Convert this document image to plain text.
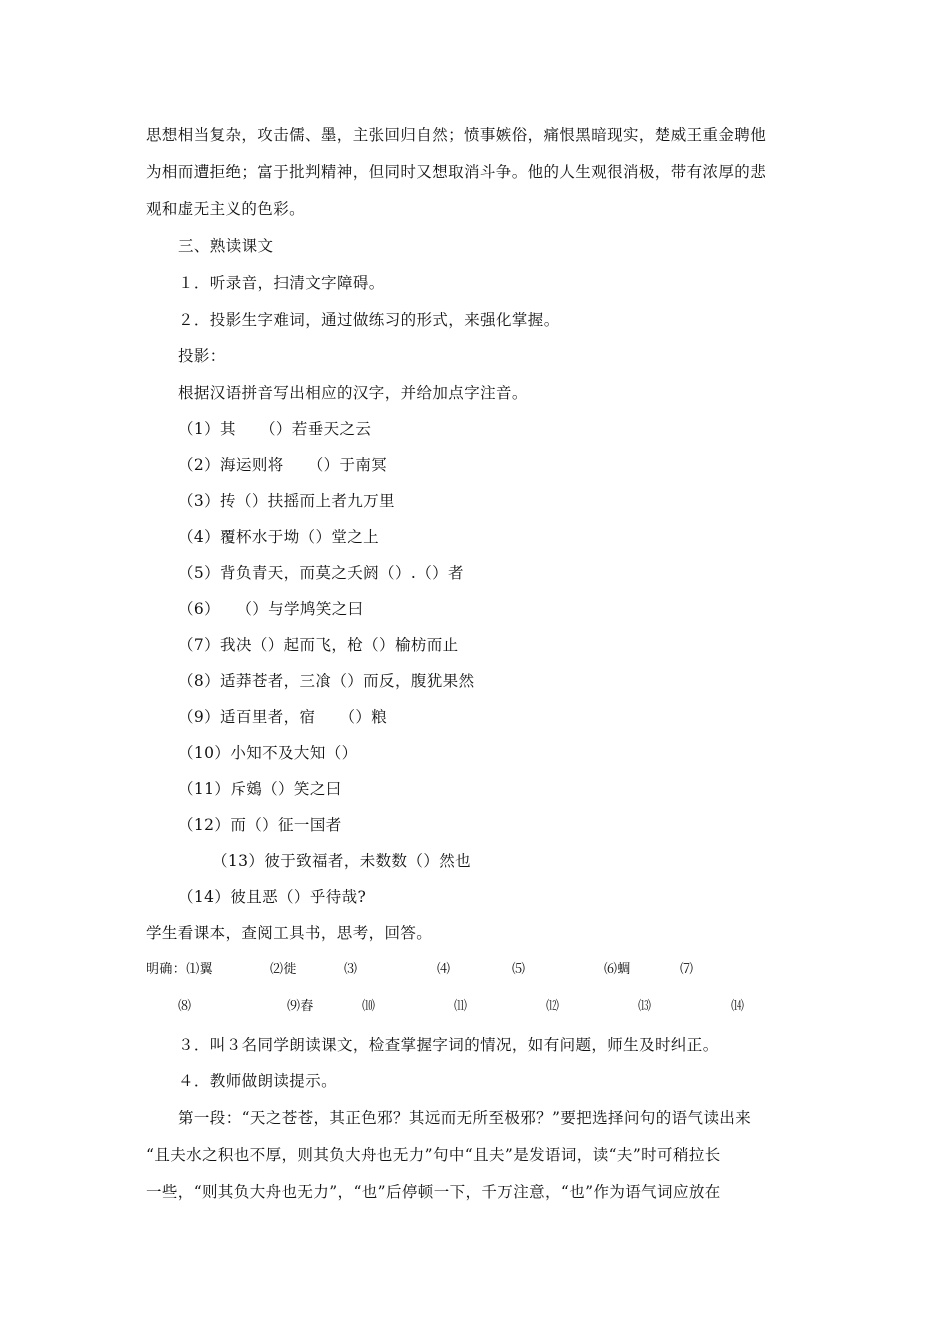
思想相当复杂，攻击儒、墨，主张回归自然；愤事嫉俗，痛恨黑暗现实，楚威王重金聘他
为相而遭拒绝；富于批判精神，但同时又想取消斗争。他的人生观很消极，带有浓厚的悲
观和虚无主义的色彩。
三、熟读课文
１．听录音，扫清文字障碍。
２．投影生字难词，通过做练习的形式，来强化掌握。
投影：
根据汉语拼音写出相应的汉字，并给加点字注音。
（1）其　　（）若垂天之云
（2）海运则将　　（）于南冥
（3）抟（）扶摇而上者九万里
（4）覆杯水于坳（）堂之上
（5）背负青天，而莫之夭阏（）.（）者
（6）　　（）与学鸠笑之曰
（7）我决（）起而飞，枪（）榆枋而止
（8）适莽苍者，三飡（）而反，腹犹果然
（9）适百里者，宿　　（）粮
（10）小知不及大知（）
（11）斥鴳（）笑之曰
（12）而（）征一国者
（13）彼于致福者，未数数（）然也
（14）彼且恶（）乎待哉?
学生看课本，查阅工具书，思考，回答。
明确：⑴翼	⑵徙	⑶	⑷	⑸	⑹蜩	⑺
⑻	⑼舂	⑽	⑾	⑿	⒀	⒁
３．叫３名同学朗读课文，检查掌握字词的情况，如有问题，师生及时纠正。
４．教师做朗读提示。
第一段：“天之苍苍，其正色邪？其远而无所至极邪？”要把选择问句的语气读出来
“且夫水之积也不厚，则其负大舟也无力”句中“且夫”是发语词，读“夫”时可稍拉长
一些，“则其负大舟也无力”，“也”后停顿一下，千万注意，“也”作为语气词应放在
